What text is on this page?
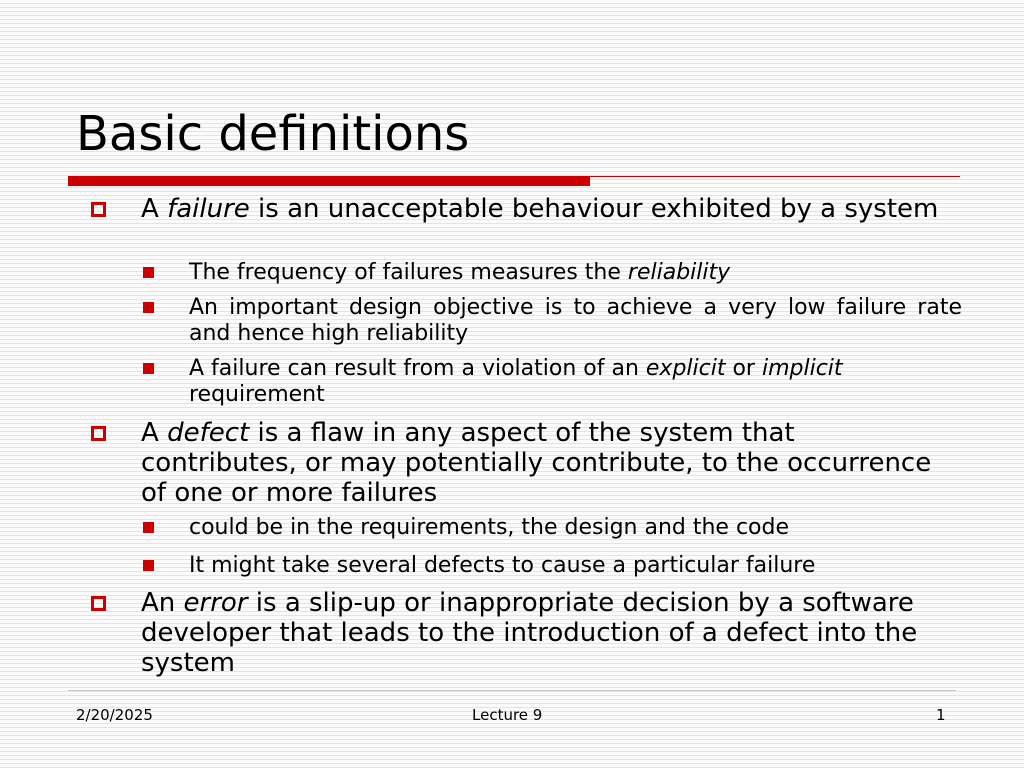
Basic definitions
A failure is an unacceptable behaviour exhibited by a system
The frequency of failures measures the reliability
An important design objective is to achieve a very low failure rate and hence high reliability
A failure can result from a violation of an explicit or implicit requirement
A defect is a flaw in any aspect of the system that contributes, or may potentially contribute, to the occurrence of one or more failures
could be in the requirements, the design and the code
It might take several defects to cause a particular failure
An error is a slip-up or inappropriate decision by a software developer that leads to the introduction of a defect into the system
2/20/2025	Lecture 9	1
